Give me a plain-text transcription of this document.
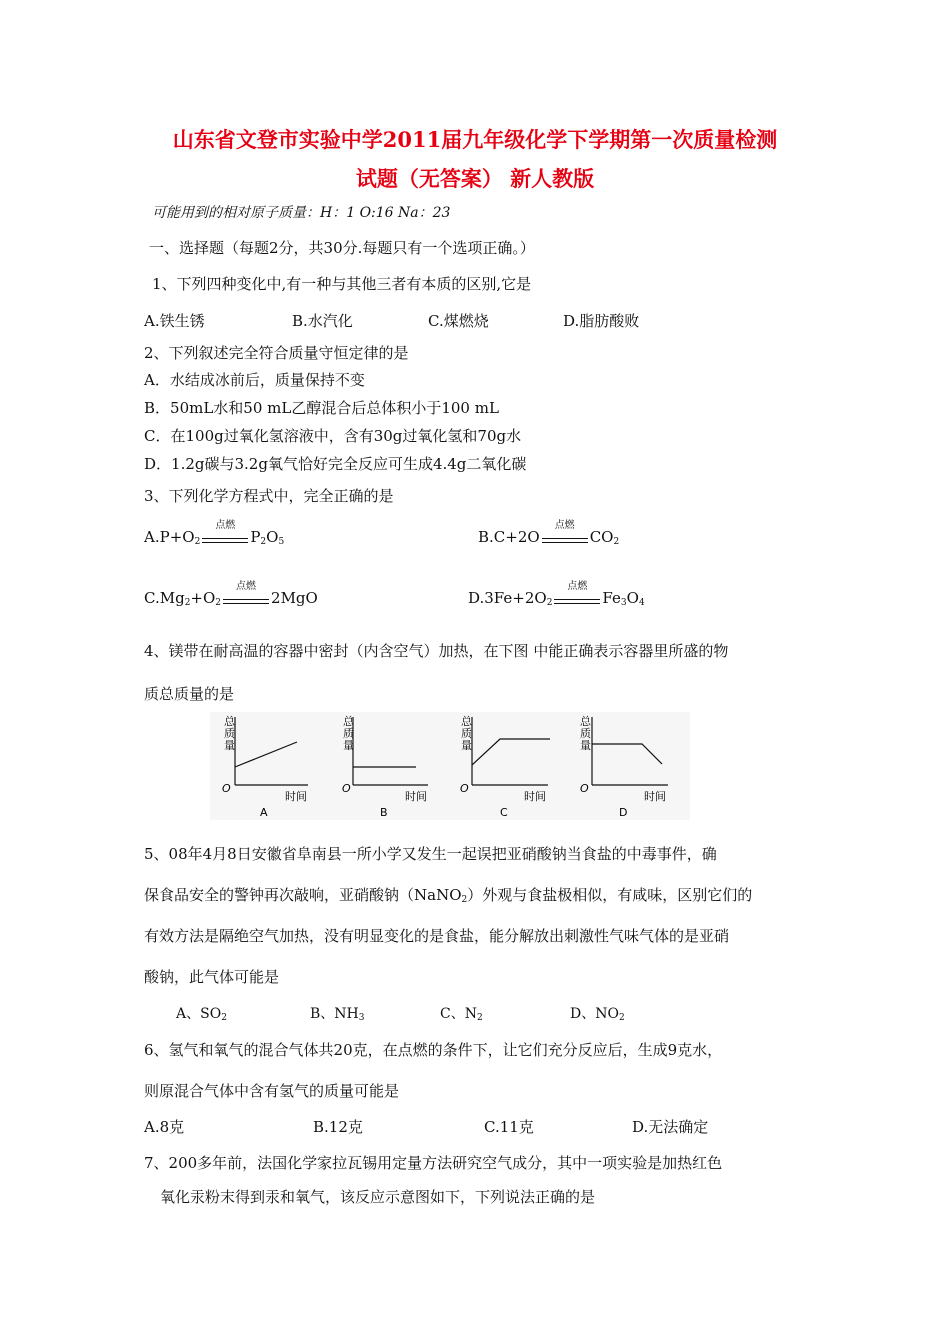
山东省文登市实验中学2011届九年级化学下学期第一次质量检测
试题（无答案） 新人教版
可能用到的相对原子质量：H：1 O:16 Na：23
一、选择题（每题2分，共30分.每题只有一个选项正确。）
1、下列四种变化中,有一种与其他三者有本质的区别,它是
A.铁生锈	B.水汽化	C.煤燃烧	D.脂肪酸败
2、下列叙述完全符合质量守恒定律的是
A．水结成冰前后，质量保持不变
B．50mL水和50 mL乙醇混合后总体积小于100 mL
C．在100g过氧化氢溶液中，含有30g过氧化氢和70g水
D．1.2g碳与3.2g氧气恰好完全反应可生成4.4g二氧化碳
3、下列化学方程式中，完全正确的是
$A.P+O_2$
点燃
$P_2O_5$	B.C+2O
点燃
$CO_2$
$C.Mg_2+O_2$
点燃
2MgO	$D.3Fe+2O_2$
点燃
$Fe_3O_4$
4、镁带在耐高温的容器中密封（内含空气）加热，在下图 中能正确表示容器里所盛的物
质总质量的是
总
质
量
O
时间
A
总
质
量
O
时间
B
总
质
量
O
时间
C
总
质
量
O
时间
D
5、08年4月8日安徽省阜南县一所小学又发生一起误把亚硝酸钠当食盐的中毒事件，确
保食品安全的警钟再次敲响，亚硝酸钠（NaNO$_2$）外观与食盐极相似，有咸味，区别它们的
有效方法是隔绝空气加热，没有明显变化的是食盐，能分解放出刺激性气味气体的是亚硝
酸钠，此气体可能是
A、$SO_2$	B、$NH_3$	C、$N_2$	D、$NO_2$
6、氢气和氧气的混合气体共20克，在点燃的条件下，让它们充分反应后，生成9克水，
则原混合气体中含有氢气的质量可能是
A.8克	B.12克	C.11克	D.无法确定
7、200多年前，法国化学家拉瓦锡用定量方法研究空气成分，其中一项实验是加热红色
氧化汞粉末得到汞和氧气，该反应示意图如下，下列说法正确的是
